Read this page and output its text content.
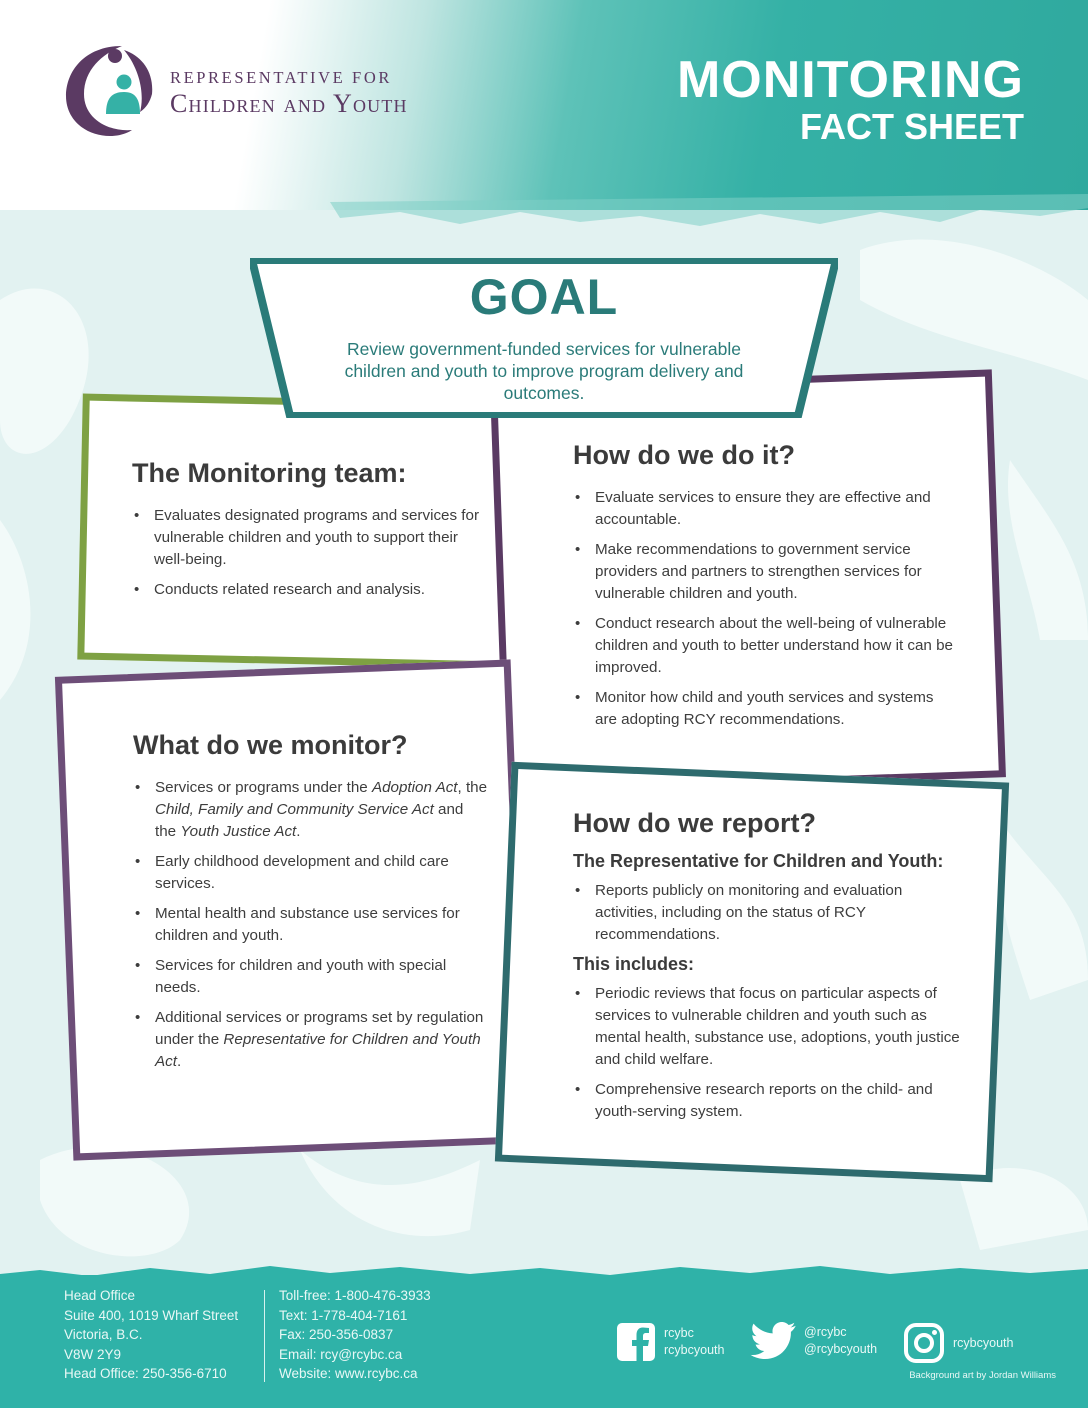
REPRESENTATIVE FOR
Children and Youth	MONITORING
FACT SHEET
GOAL
Review government-funded services for vulnerable children and youth to improve program delivery and outcomes.
The Monitoring team:
• Evaluates designated programs and services for vulnerable children and youth to support their well-being.
• Conducts related research and analysis.
How do we do it?
• Evaluate services to ensure they are effective and accountable.
• Make recommendations to government service providers and partners to strengthen services for vulnerable children and youth.
• Conduct research about the well-being of vulnerable children and youth to better understand how it can be improved.
• Monitor how child and youth services and systems are adopting RCY recommendations.
What do we monitor?
• Services or programs under the Adoption Act, the Child, Family and Community Service Act and the Youth Justice Act.
• Early childhood development and child care services.
• Mental health and substance use services for children and youth.
• Services for children and youth with special needs.
• Additional services or programs set by regulation under the Representative for Children and Youth Act.
How do we report?
The Representative for Children and Youth:
• Reports publicly on monitoring and evaluation activities, including on the status of RCY recommendations.
This includes:
• Periodic reviews that focus on particular aspects of services to vulnerable children and youth such as mental health, substance use, adoptions, youth justice and child welfare.
• Comprehensive research reports on the child- and youth-serving system.
Head Office
Suite 400, 1019 Wharf Street
Victoria, B.C.
V8W 2Y9
Head Office: 250-356-6710
Toll-free: 1-800-476-3933
Text: 1-778-404-7161
Fax: 250-356-0837
Email: rcy@rcybc.ca
Website: www.rcybc.ca
rcybc
rcybcyouth
@rcybc
@rcybcyouth	rcybcyouth
Background art by Jordan Williams
